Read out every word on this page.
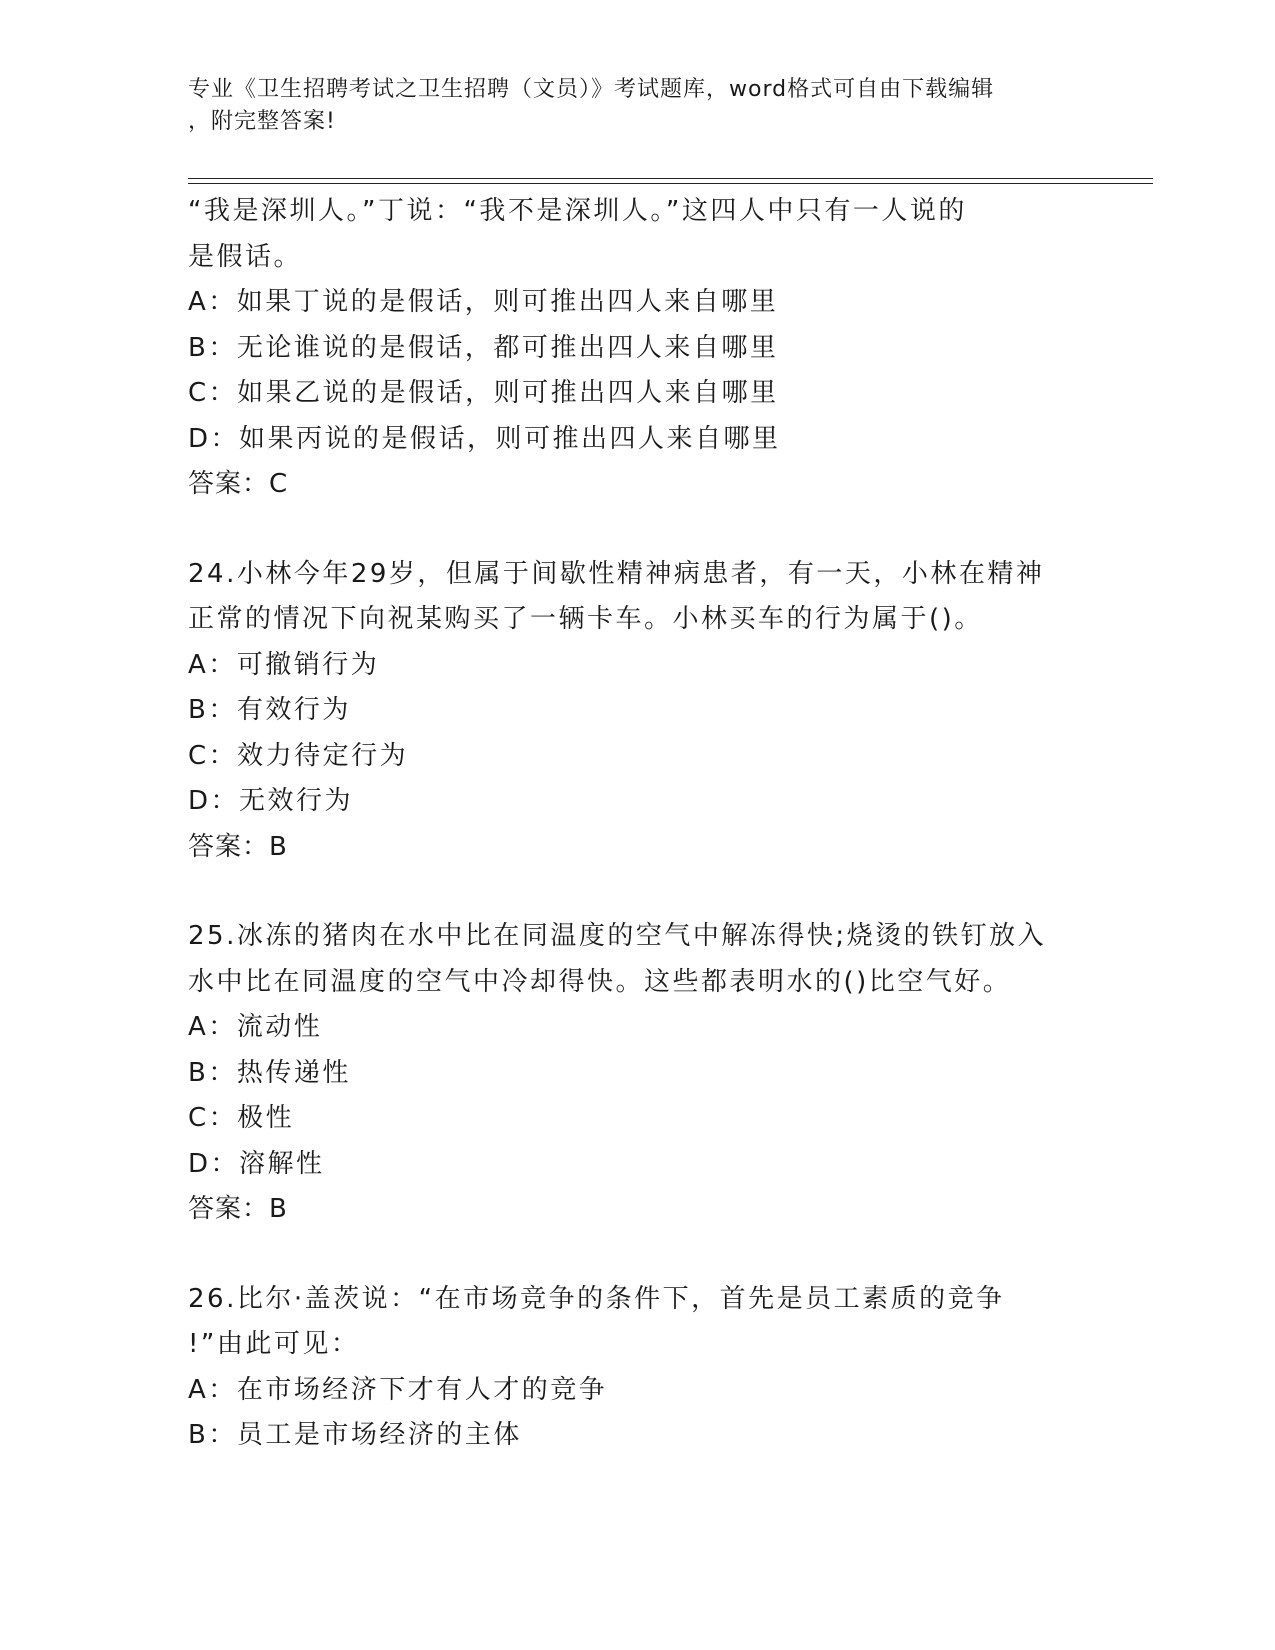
专业《卫生招聘考试之卫生招聘（文员）》考试题库，word格式可自由下载编辑
，附完整答案!
“我是深圳人。”丁说：“我不是深圳人。”这四人中只有一人说的
是假话。
A：如果丁说的是假话，则可推出四人来自哪里
B：无论谁说的是假话，都可推出四人来自哪里
C：如果乙说的是假话，则可推出四人来自哪里
D：如果丙说的是假话，则可推出四人来自哪里
答案：C
24.小林今年29岁，但属于间歇性精神病患者，有一天，小林在精神
正常的情况下向祝某购买了一辆卡车。小林买车的行为属于()。
A：可撤销行为
B：有效行为
C：效力待定行为
D：无效行为
答案：B
25.冰冻的猪肉在水中比在同温度的空气中解冻得快;烧烫的铁钉放入
水中比在同温度的空气中冷却得快。这些都表明水的()比空气好。
A：流动性
B：热传递性
C：极性
D：溶解性
答案：B
26.比尔·盖茨说：“在市场竞争的条件下，首先是员工素质的竞争
!”由此可见：
A：在市场经济下才有人才的竞争
B：员工是市场经济的主体
